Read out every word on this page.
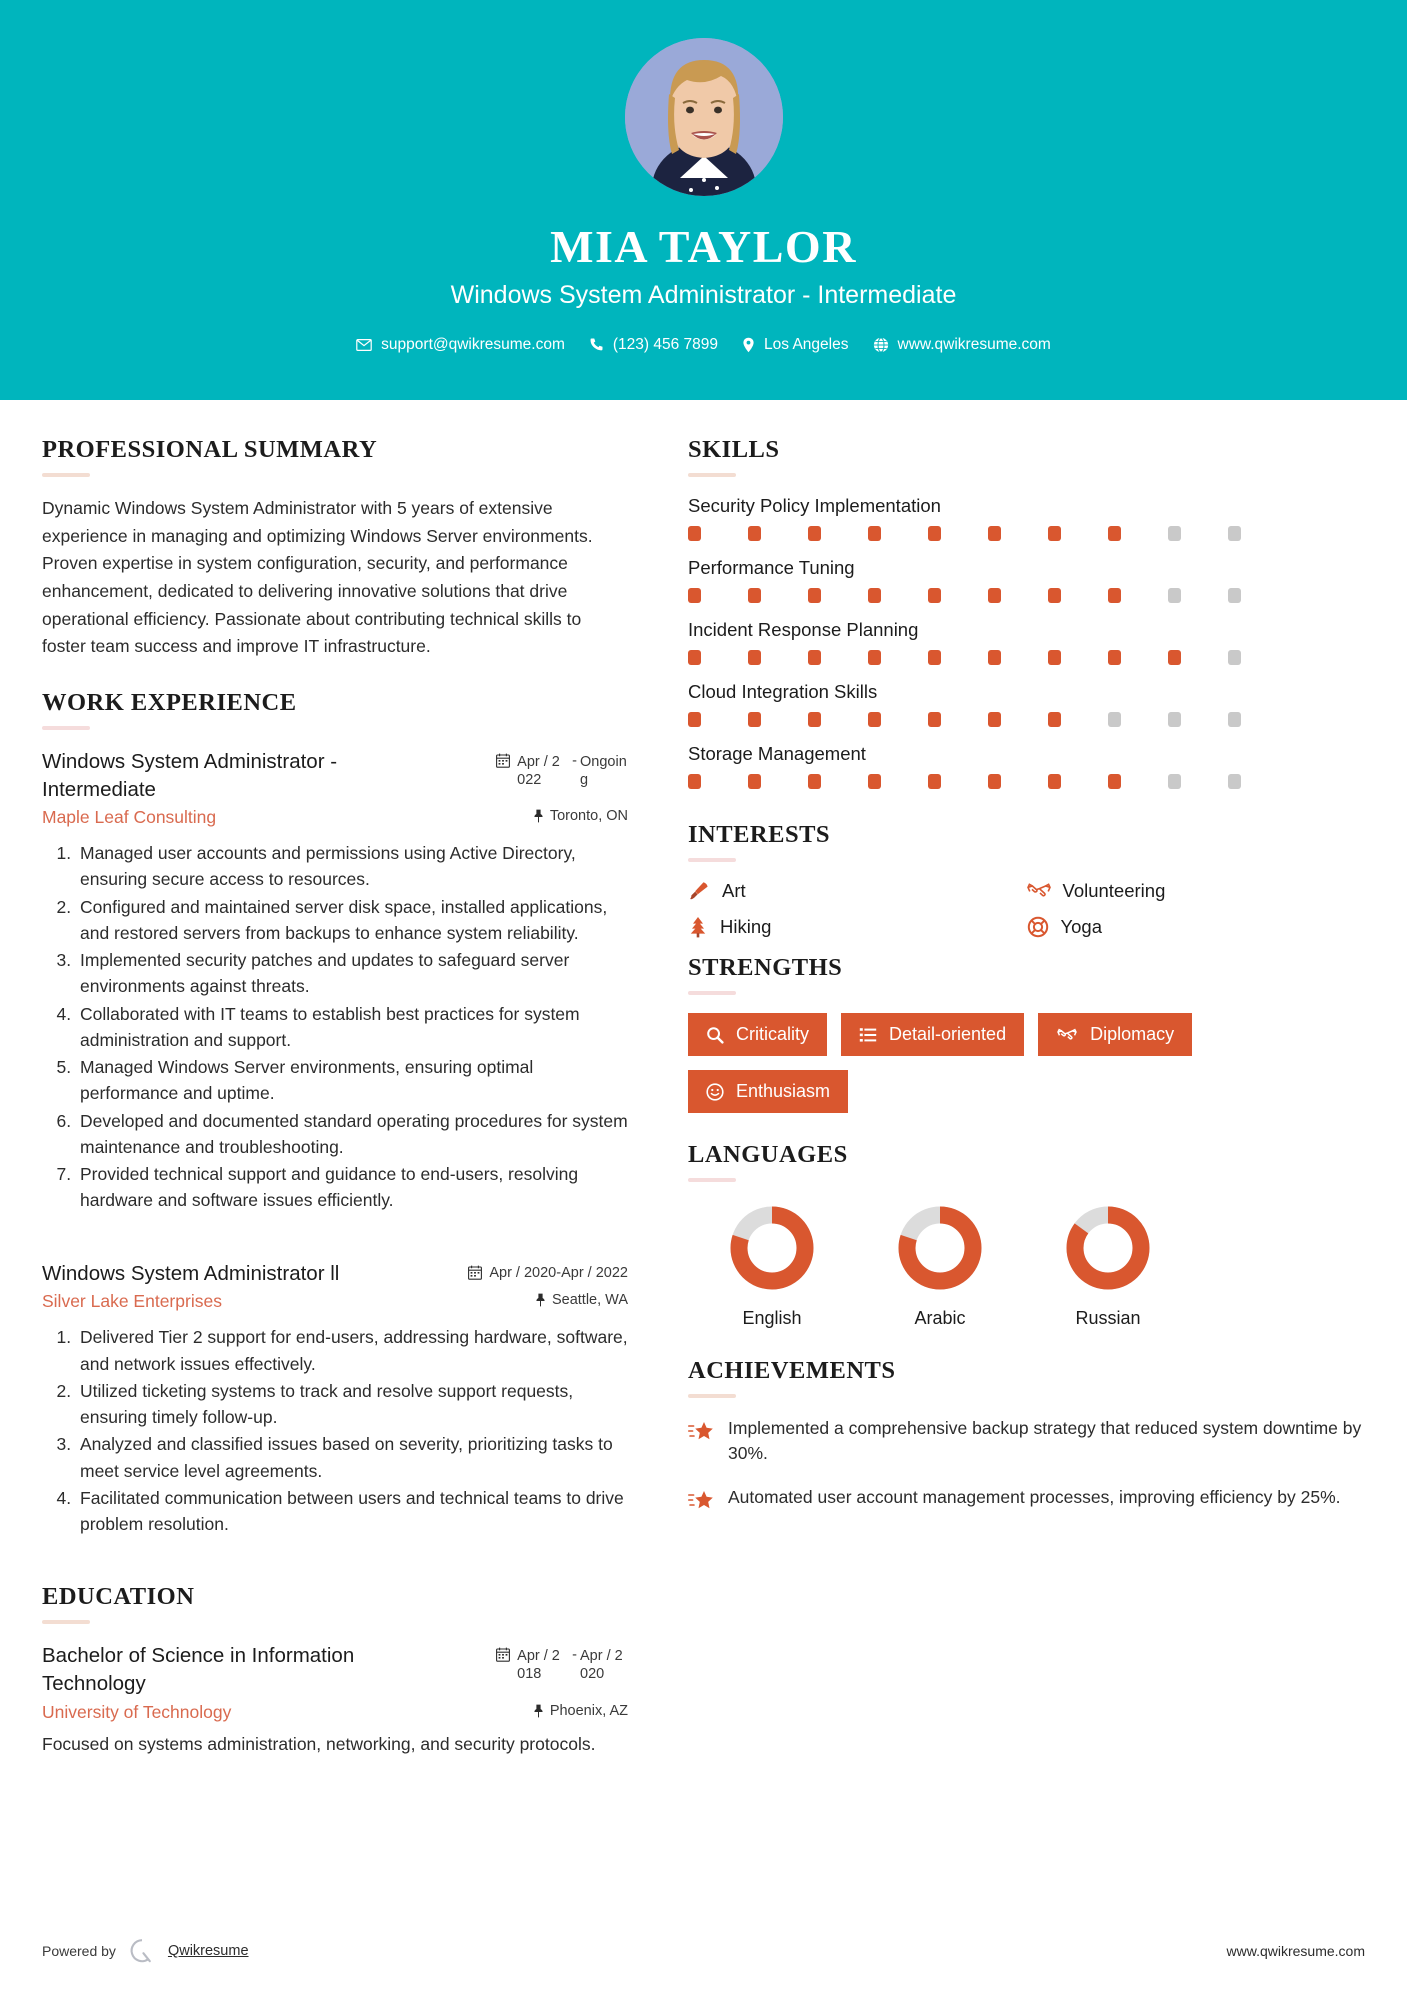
MIA TAYLOR
Windows System Administrator - Intermediate
support@qwikresume.com	(123) 456 7899	Los Angeles	www.qwikresume.com
PROFESSIONAL SUMMARY
Dynamic Windows System Administrator with 5 years of extensive experience in managing and optimizing Windows Server environments. Proven expertise in system configuration, security, and performance enhancement, dedicated to delivering innovative solutions that drive operational efficiency. Passionate about contributing technical skills to foster team success and improve IT infrastructure.
WORK EXPERIENCE
Windows System Administrator - Intermediate
Apr / 2022
- Ongoing
Maple Leaf Consulting	Toronto, ON
1. Managed user accounts and permissions using Active Directory, ensuring secure access to resources.
2. Configured and maintained server disk space, installed applications, and restored servers from backups to enhance system reliability.
3. Implemented security patches and updates to safeguard server environments against threats.
4. Collaborated with IT teams to establish best practices for system administration and support.
5. Managed Windows Server environments, ensuring optimal performance and uptime.
6. Developed and documented standard operating procedures for system maintenance and troubleshooting.
7. Provided technical support and guidance to end-users, resolving hardware and software issues efficiently.
Windows System Administrator ll	Apr / 2020-Apr / 2022
Silver Lake Enterprises	Seattle, WA
1. Delivered Tier 2 support for end-users, addressing hardware, software, and network issues effectively.
2. Utilized ticketing systems to track and resolve support requests, ensuring timely follow-up.
3. Analyzed and classified issues based on severity, prioritizing tasks to meet service level agreements.
4. Facilitated communication between users and technical teams to drive problem resolution.
EDUCATION
Bachelor of Science in Information Technology
Apr / 2018
- Apr / 2020
University of Technology	Phoenix, AZ
Focused on systems administration, networking, and security protocols.
SKILLS
Security Policy Implementation
Performance Tuning
Incident Response Planning
Cloud Integration Skills
Storage Management
INTERESTS
Art	Volunteering
Hiking	Yoga
STRENGTHS
Criticality	Detail-oriented	Diplomacy
Enthusiasm
LANGUAGES
English	Arabic	Russian
ACHIEVEMENTS
Implemented a comprehensive backup strategy that reduced system downtime by 30%.
Automated user account management processes, improving efficiency by 25%.
Powered by	Qwikresume	www.qwikresume.com
